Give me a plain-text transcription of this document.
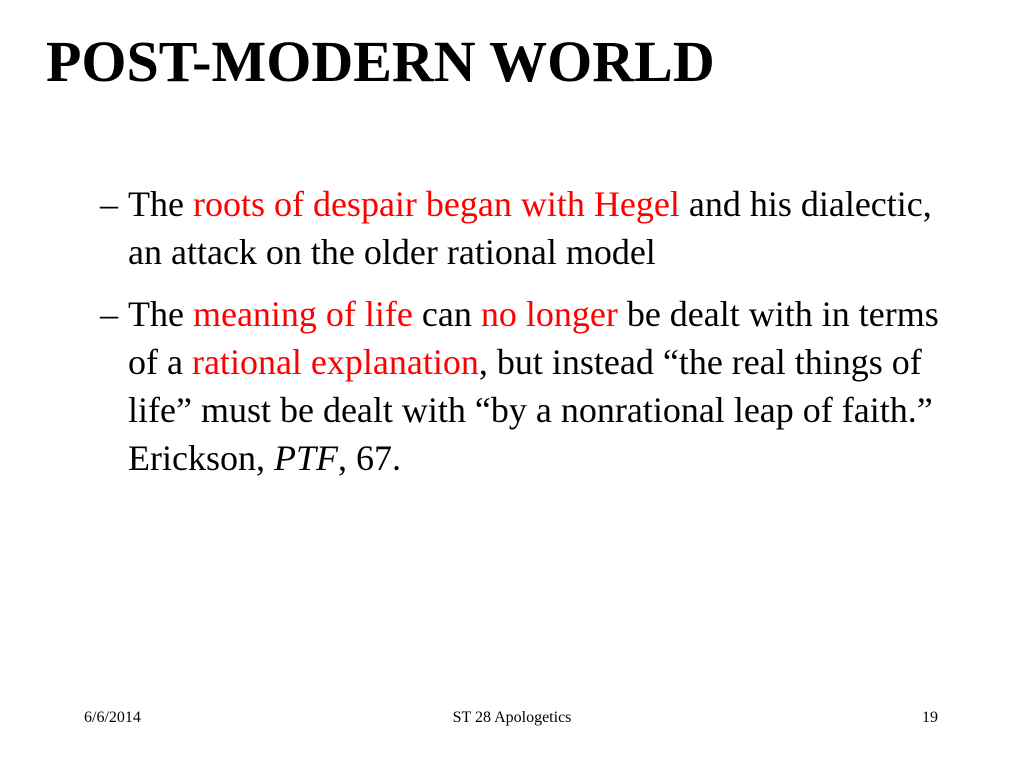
POST-MODERN WORLD
– The roots of despair began with Hegel and his dialectic, an attack on the older rational model
– The meaning of life can no longer be dealt with in terms of a rational explanation, but instead “the real things of life” must be dealt with “by a nonrational leap of faith.” Erickson, PTF, 67.
6/6/2014	ST 28 Apologetics	19
